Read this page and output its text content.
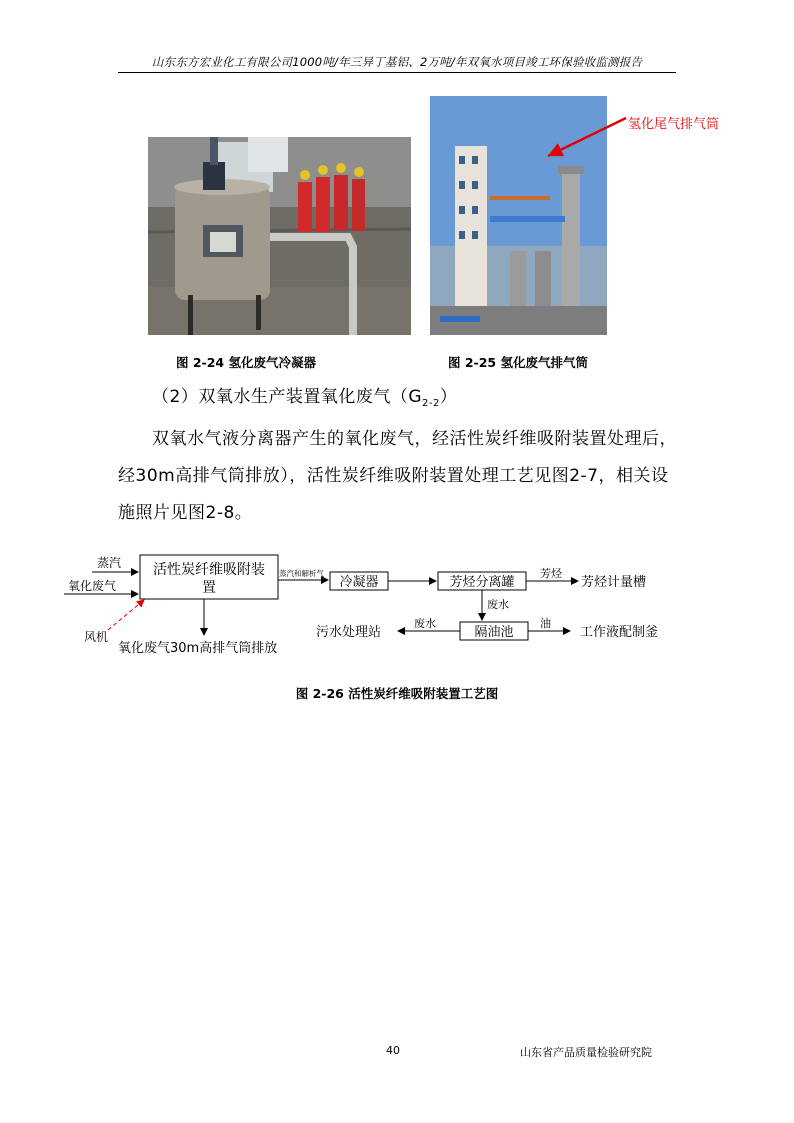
山东东方宏业化工有限公司1000吨/年三异丁基铝、2万吨/年双氧水项目竣工环保验收监测报告
氢化尾气排气筒
图 2-24 氢化废气冷凝器	图 2-25 氢化废气排气筒
（2）双氧水生产装置氧化废气$(G_{2-2})$
双氧水气液分离器产生的氧化废气，经活性炭纤维吸附装置处理后，经30m高排气筒排放），活性炭纤维吸附装置处理工艺见图2-7，相关设施照片见图2-8。
蒸汽
氧化废气
风机
活性炭纤维吸附装
置
蒸汽和解析气
冷凝器	芳烃分离罐
芳烃
芳烃计量槽
废水
隔油池
废水
污水处理站
油
工作液配制釜
氧化废气30m高排气筒排放
图 2-26 活性炭纤维吸附装置工艺图
40	山东省产品质量检验研究院
